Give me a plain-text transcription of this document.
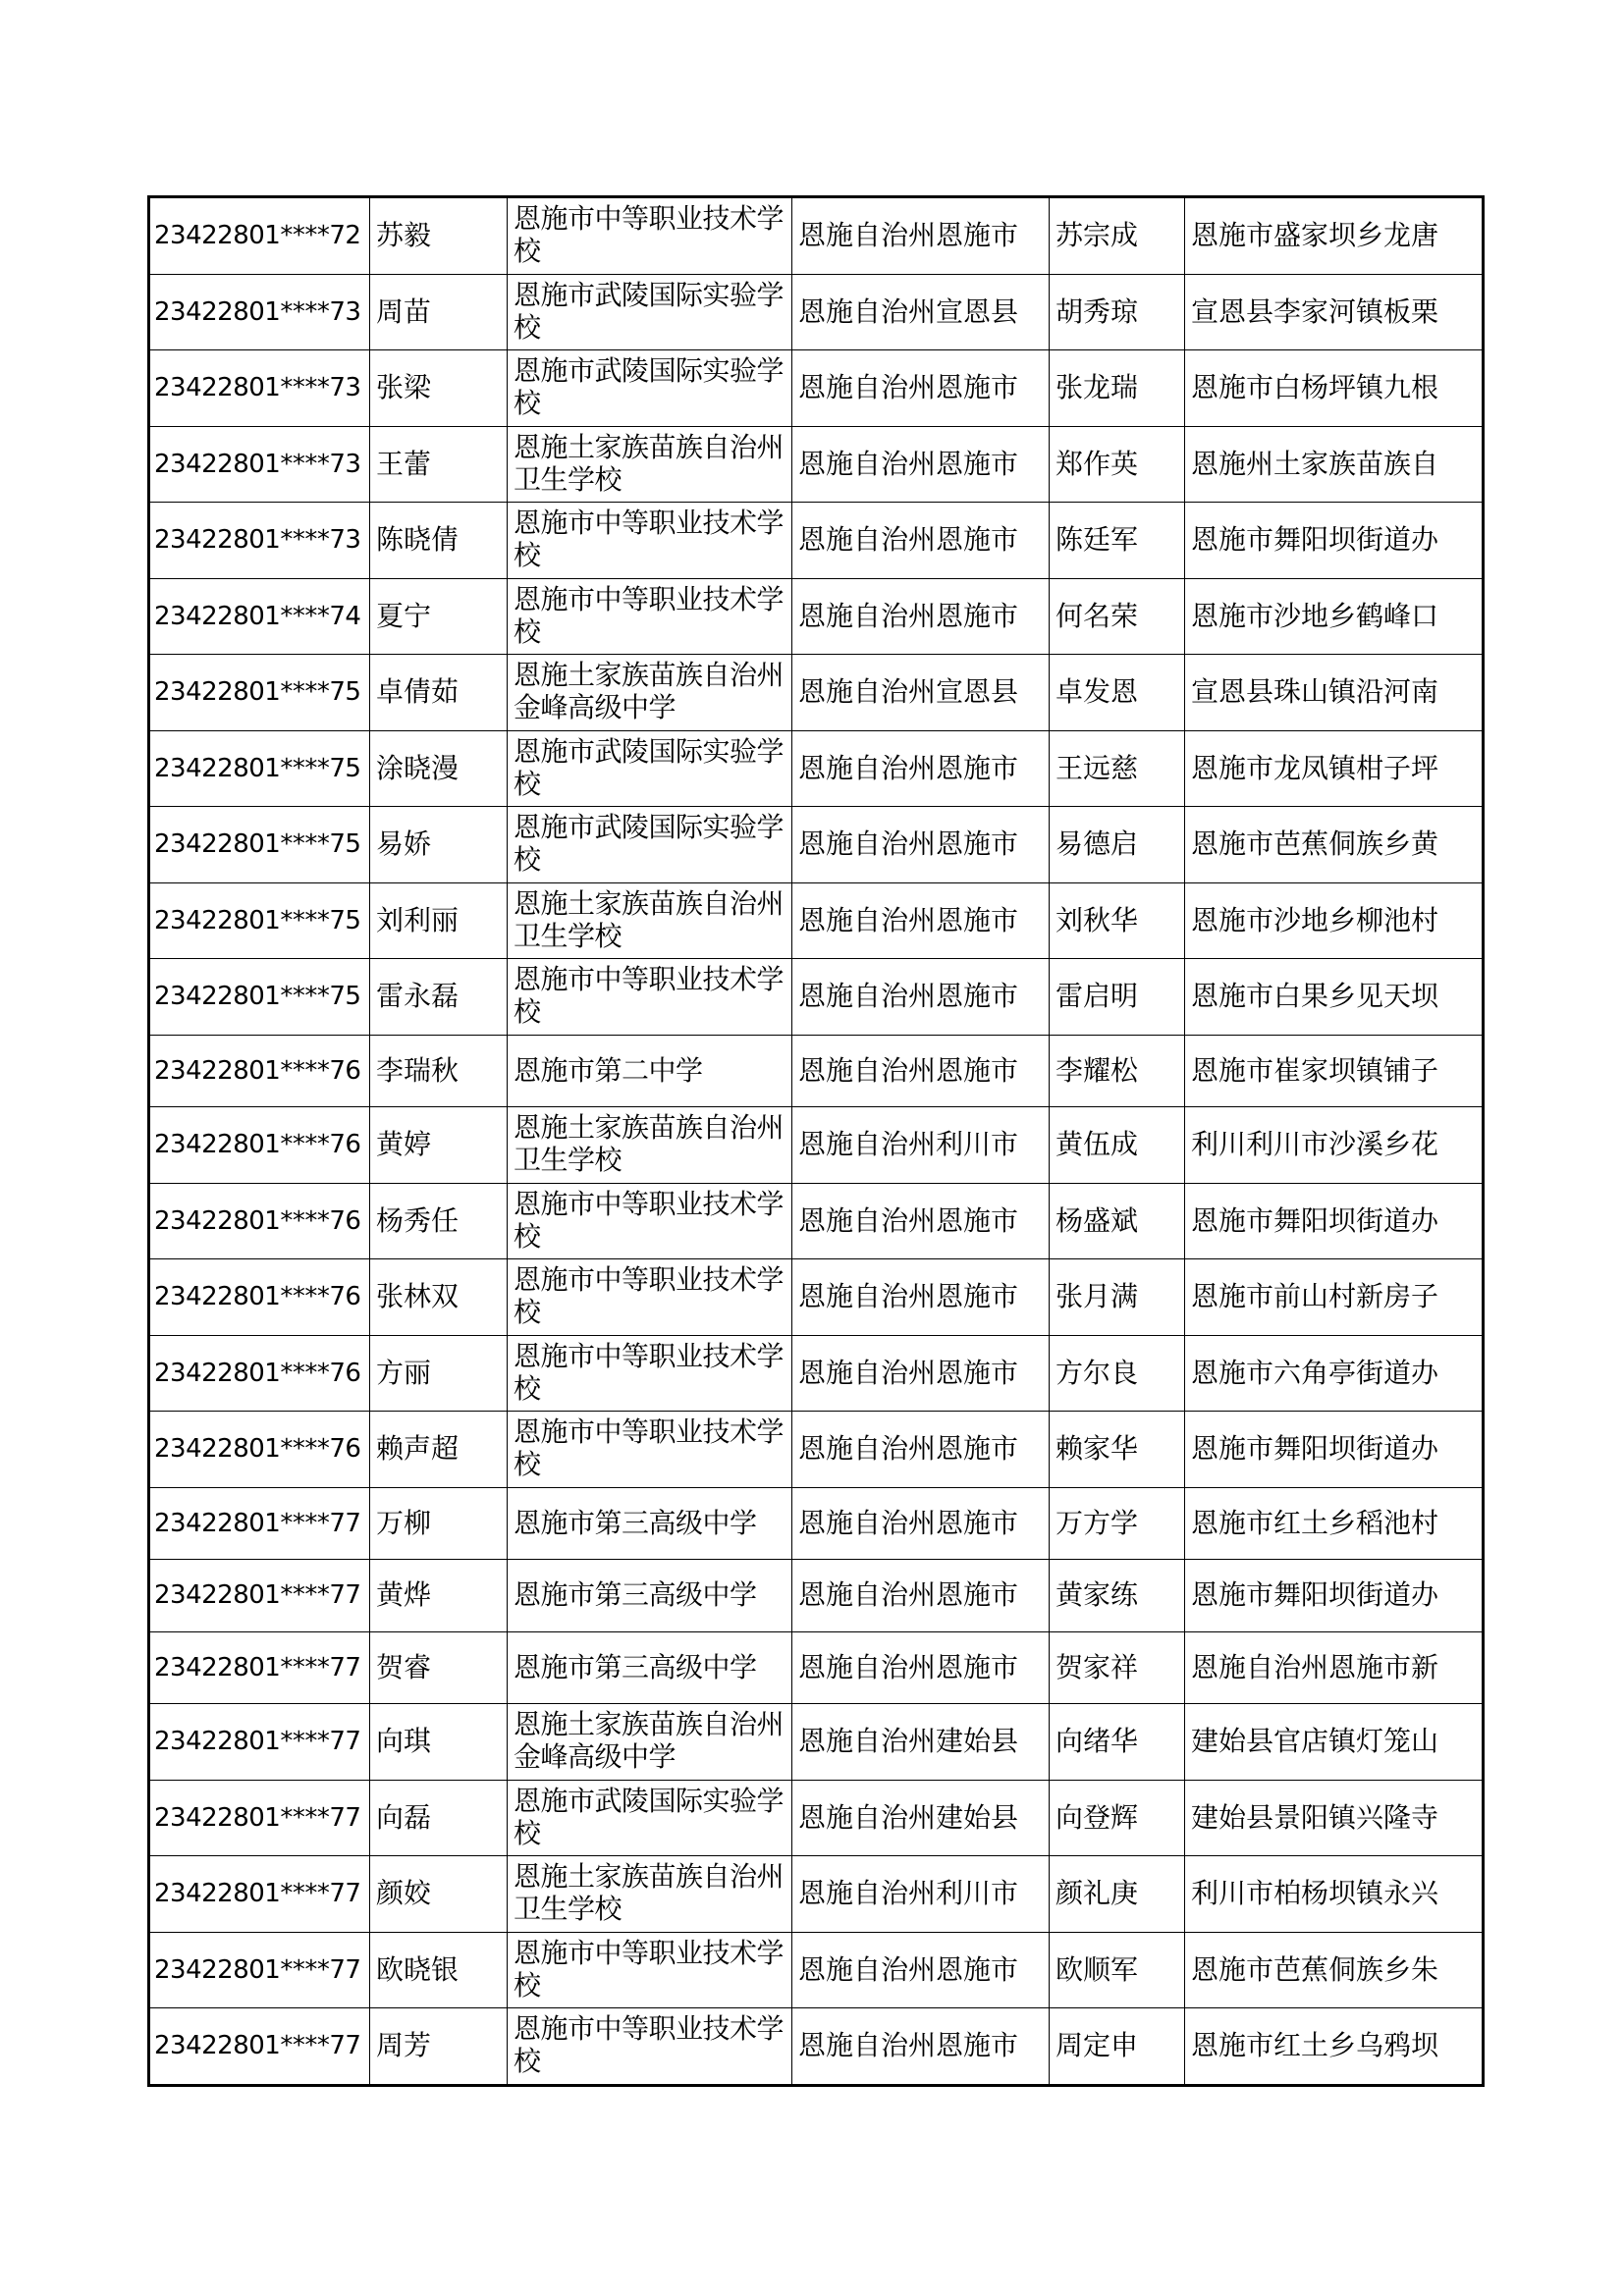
23422801****72	苏毅	恩施市中等职业技术学校	恩施自治州恩施市	苏宗成	恩施市盛家坝乡龙唐
23422801****73	周苗	恩施市武陵国际实验学校	恩施自治州宣恩县	胡秀琼	宣恩县李家河镇板栗
23422801****73	张梁	恩施市武陵国际实验学校	恩施自治州恩施市	张龙瑞	恩施市白杨坪镇九根
23422801****73	王蕾	恩施土家族苗族自治州卫生学校	恩施自治州恩施市	郑作英	恩施州土家族苗族自
23422801****73	陈晓倩	恩施市中等职业技术学校	恩施自治州恩施市	陈廷军	恩施市舞阳坝街道办
23422801****74	夏宁	恩施市中等职业技术学校	恩施自治州恩施市	何名荣	恩施市沙地乡鹤峰口
23422801****75	卓倩茹	恩施土家族苗族自治州金峰高级中学	恩施自治州宣恩县	卓发恩	宣恩县珠山镇沿河南
23422801****75	涂晓漫	恩施市武陵国际实验学校	恩施自治州恩施市	王远慈	恩施市龙凤镇柑子坪
23422801****75	易娇	恩施市武陵国际实验学校	恩施自治州恩施市	易德启	恩施市芭蕉侗族乡黄
23422801****75	刘利丽	恩施土家族苗族自治州卫生学校	恩施自治州恩施市	刘秋华	恩施市沙地乡柳池村
23422801****75	雷永磊	恩施市中等职业技术学校	恩施自治州恩施市	雷启明	恩施市白果乡见天坝
23422801****76	李瑞秋	恩施市第二中学	恩施自治州恩施市	李耀松	恩施市崔家坝镇铺子
23422801****76	黄婷	恩施土家族苗族自治州卫生学校	恩施自治州利川市	黄伍成	利川利川市沙溪乡花
23422801****76	杨秀任	恩施市中等职业技术学校	恩施自治州恩施市	杨盛斌	恩施市舞阳坝街道办
23422801****76	张林双	恩施市中等职业技术学校	恩施自治州恩施市	张月满	恩施市前山村新房子
23422801****76	方丽	恩施市中等职业技术学校	恩施自治州恩施市	方尔良	恩施市六角亭街道办
23422801****76	赖声超	恩施市中等职业技术学校	恩施自治州恩施市	赖家华	恩施市舞阳坝街道办
23422801****77	万柳	恩施市第三高级中学	恩施自治州恩施市	万方学	恩施市红土乡稻池村
23422801****77	黄烨	恩施市第三高级中学	恩施自治州恩施市	黄家练	恩施市舞阳坝街道办
23422801****77	贺睿	恩施市第三高级中学	恩施自治州恩施市	贺家祥	恩施自治州恩施市新
23422801****77	向琪	恩施土家族苗族自治州金峰高级中学	恩施自治州建始县	向绪华	建始县官店镇灯笼山
23422801****77	向磊	恩施市武陵国际实验学校	恩施自治州建始县	向登辉	建始县景阳镇兴隆寺
23422801****77	颜姣	恩施土家族苗族自治州卫生学校	恩施自治州利川市	颜礼庚	利川市柏杨坝镇永兴
23422801****77	欧晓银	恩施市中等职业技术学校	恩施自治州恩施市	欧顺军	恩施市芭蕉侗族乡朱
23422801****77	周芳	恩施市中等职业技术学校	恩施自治州恩施市	周定申	恩施市红土乡乌鸦坝
